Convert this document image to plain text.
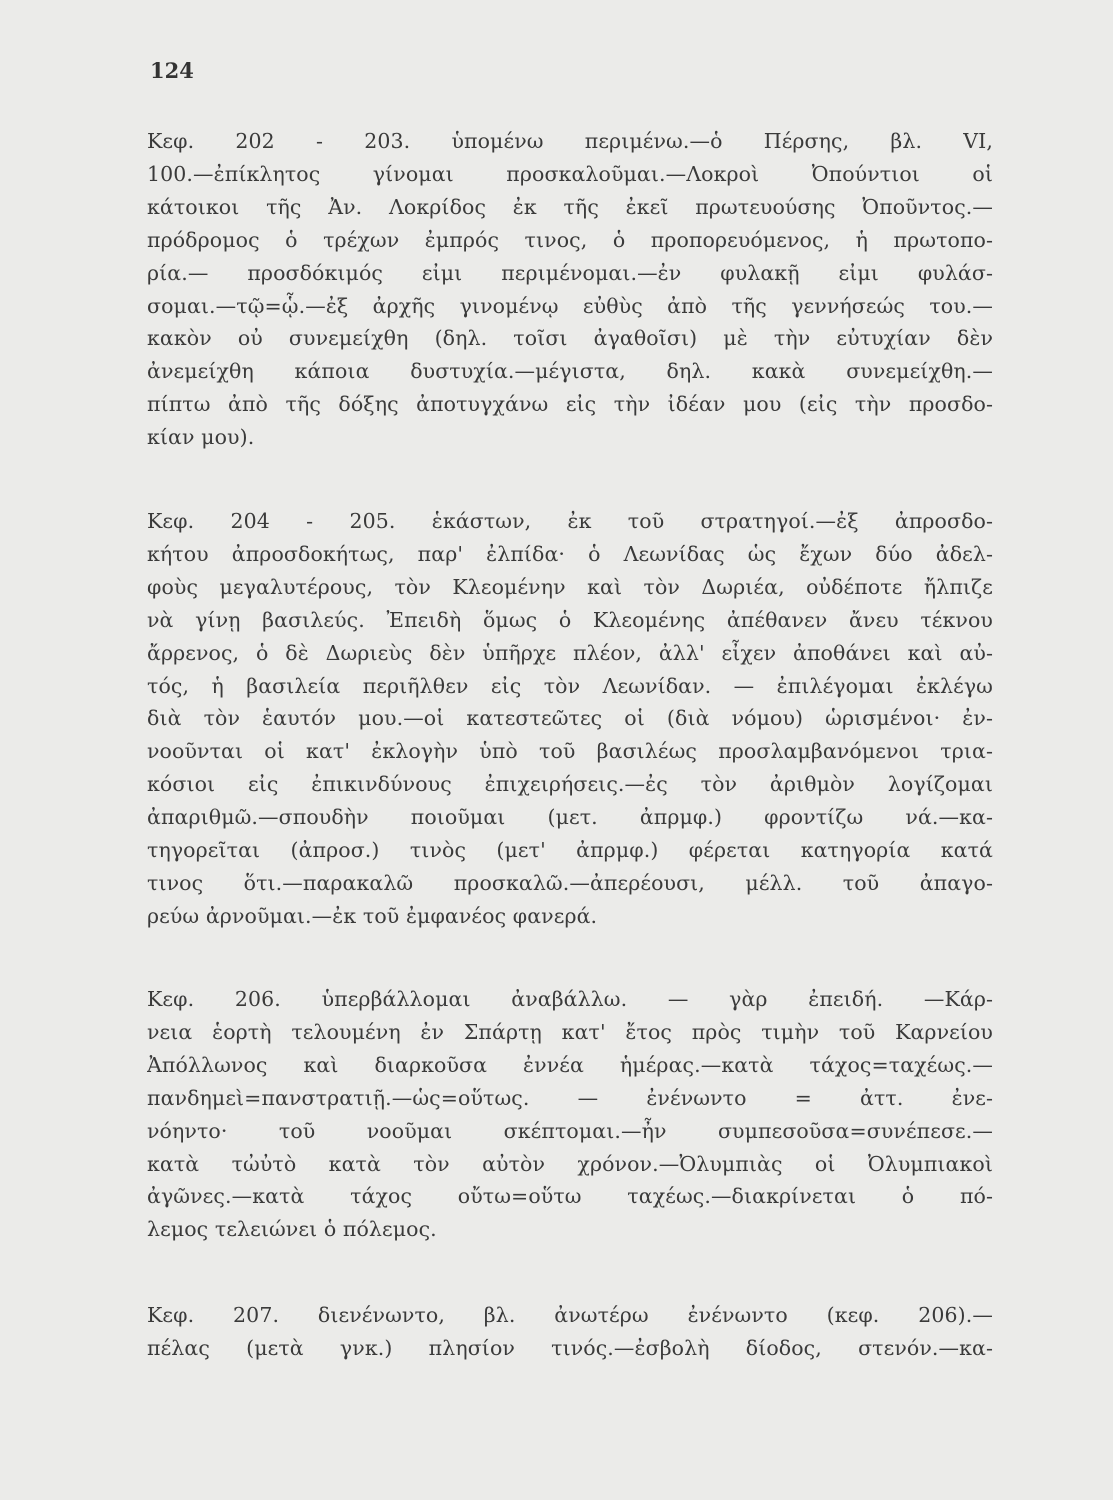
124
Κεφ. 202 - 203. ὑπομένω περιμένω.—ὁ Πέρσης, βλ. VI,
100.—ἐπίκλητος γίνομαι προσκαλοῦμαι.—Λοκροὶ Ὀπούντιοι οἱ
κάτοικοι τῆς Ἀν. Λοκρίδος ἐκ τῆς ἐκεῖ πρωτευούσης Ὀποῦντος.—
πρόδρομος ὁ τρέχων ἐμπρός τινος, ὁ προπορευόμενος, ἡ πρωτοπο-
ρία.— προσδόκιμός εἰμι περιμένομαι.—ἐν φυλακῇ εἰμι φυλάσ-
σομαι.—τῷ=ᾧ.—ἐξ ἀρχῆς γινομένῳ εὐθὺς ἀπὸ τῆς γεννήσεώς του.—
κακὸν οὐ συνεμείχθη (δηλ. τοῖσι ἀγαθοῖσι) μὲ τὴν εὐτυχίαν δὲν
ἀνεμείχθη κάποια δυστυχία.—μέγιστα, δηλ. κακὰ συνεμείχθη.—
πίπτω ἀπὸ τῆς δόξης ἀποτυγχάνω εἰς τὴν ἰδέαν μου (εἰς τὴν προσδο-
κίαν μου).
Κεφ. 204 - 205. ἑκάστων, ἐκ τοῦ στρατηγοί.—ἐξ ἀπροσδο-
κήτου ἀπροσδοκήτως, παρ' ἐλπίδα· ὁ Λεωνίδας ὡς ἔχων δύο ἀδελ-
φοὺς μεγαλυτέρους, τὸν Κλεομένην καὶ τὸν Δωριέα, οὐδέποτε ἤλπιζε
νὰ γίνῃ βασιλεύς. Ἐπειδὴ ὅμως ὁ Κλεομένης ἀπέθανεν ἄνευ τέκνου
ἄρρενος, ὁ δὲ Δωριεὺς δὲν ὑπῆρχε πλέον, ἀλλ' εἶχεν ἀποθάνει καὶ αὐ-
τός, ἡ βασιλεία περιῆλθεν εἰς τὸν Λεωνίδαν. — ἐπιλέγομαι ἐκλέγω
διὰ τὸν ἑαυτόν μου.—οἱ κατεστεῶτες οἱ (διὰ νόμου) ὡρισμένοι· ἐν-
νοοῦνται οἱ κατ' ἐκλογὴν ὑπὸ τοῦ βασιλέως προσλαμβανόμενοι τρια-
κόσιοι εἰς ἐπικινδύνους ἐπιχειρήσεις.—ἐς τὸν ἀριθμὸν λογίζομαι
ἀπαριθμῶ.—σπουδὴν ποιοῦμαι (μετ. ἀπρμφ.) φροντίζω νά.—κα-
τηγορεῖται (ἀπροσ.) τινὸς (μετ' ἀπρμφ.) φέρεται κατηγορία κατά
τινος ὅτι.—παρακαλῶ προσκαλῶ.—ἀπερέουσι, μέλλ. τοῦ ἀπαγο-
ρεύω ἀρνοῦμαι.—ἐκ τοῦ ἐμφανέος φανερά.
Κεφ. 206. ὑπερβάλλομαι ἀναβάλλω. — γὰρ ἐπειδή. —Κάρ-
νεια ἑορτὴ τελουμένη ἐν Σπάρτῃ κατ' ἔτος πρὸς τιμὴν τοῦ Καρνείου
Ἀπόλλωνος καὶ διαρκοῦσα ἐννέα ἡμέρας.—κατὰ τάχος=ταχέως.—
πανδημεὶ=πανστρατιῇ.—ὡς=οὕτως. — ἐνένωντο = ἀττ. ἐνε-
νόηντο· τοῦ νοοῦμαι σκέπτομαι.—ἦν συμπεσοῦσα=συνέπεσε.—
κατὰ τὠὐτὸ κατὰ τὸν αὐτὸν χρόνον.—Ὀλυμπιὰς οἱ Ὀλυμπιακοὶ
ἀγῶνες.—κατὰ τάχος οὔτω=οὕτω ταχέως.—διακρίνεται ὁ πό-
λεμος τελειώνει ὁ πόλεμος.
Κεφ. 207. διενένωντο, βλ. ἀνωτέρω ἐνένωντο (κεφ. 206).—
πέλας (μετὰ γνκ.) πλησίον τινός.—ἐσβολὴ δίοδος, στενόν.—κα-
